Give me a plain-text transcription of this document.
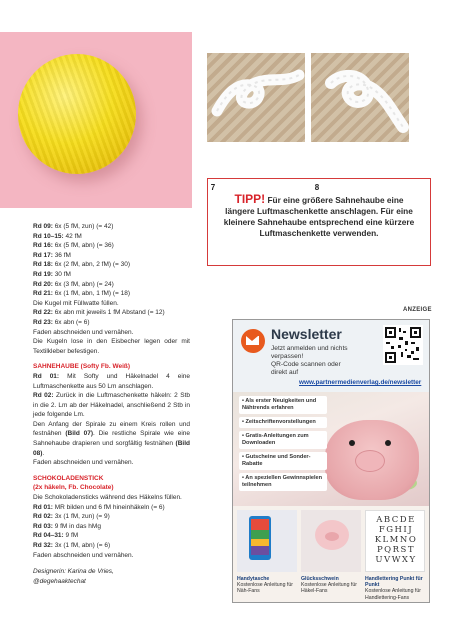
7	8
TIPP! Für eine größere Sahnehaube eine
längere Luftmaschenkette anschlagen. Für eine
kleinere Sahnehaube entsprechend eine kürzere
Luftmaschenkette verwenden.

Rd 09: 6x (5 fM, zun) (= 42)

Rd 10–15: 42 fM

Rd 16: 6x (5 fM, abn) (= 36)

Rd 17: 36 fM

Rd 18: 6x (2 fM, abn, 2 fM) (= 30)

Rd 19: 30 fM

Rd 20: 6x (3 fM, abn) (= 24)

Rd 21: 6x (1 fM, abn, 1 fM) (= 18)

Die Kugel mit Füllwatte füllen.

Rd 22: 6x abn mit jeweils 1 fM Abstand (= 12)

Rd 23: 6x abn (= 6)

Faden abschneiden und vernähen.

Die Kugeln lose in den Eisbecher legen oder mit Textilkleber befestigen.

SAHNEHAUBE (Softy Fb. Weiß)

Rd 01: Mit Softy und Häkelnadel 4 eine Luftmaschenkette aus 50 Lm anschlagen.

Rd 02: Zurück in die Luftmaschenkette häkeln: 2 Stb in die 2. Lm ab der Häkelnadel, anschließend 2 Stb in jede folgende Lm.

Den Anfang der Spirale zu einem Kreis rollen und festnähen (Bild 07). Die restliche Spirale wie eine Sahnehaube drapieren und sorgfältig festnähen (Bild 08).

Faden abschneiden und vernähen.

SCHOKOLADENSTICK

(2x häkeln, Fb. Chocolate)

Die Schokoladensticks während des Häkelns füllen.

Rd 01: MR bilden und 6 fM hineinhäkeln (= 6)

Rd 02: 3x (1 fM, zun) (= 9)

Rd 03: 9 fM in das hMg

Rd 04–31: 9 fM

Rd 32: 3x (1 fM, abn) (= 6)

Faden abschneiden und vernähen.

Designerin: Karina de Vries,

@degehaaktechat

ANZEIGE
Newsletter
Jetzt anmelden und nichts
verpassen!
QR-Code scannen oder
direkt auf
www.partnermedienverlag.de/newsletter
• Als erster Neuigkeiten und Nähtrends erfahren
• Zeitschriftenvorstellungen
• Gratis-Anleitungen zum Downloaden
• Gutscheine und Sonder-Rabatte
• An speziellen Gewinnspielen teilnehmen
Handytasche
Kostenlose Anleitung für Näh-Fans
Glücksschwein
Kostenlose Anleitung für Häkel-Fans
ABCDE
FGHIJ
KLMNO
PQRST
UVWXY
Handlettering Punkt für Punkt
Kostenlose Anleitung für Handlettering-Fans
